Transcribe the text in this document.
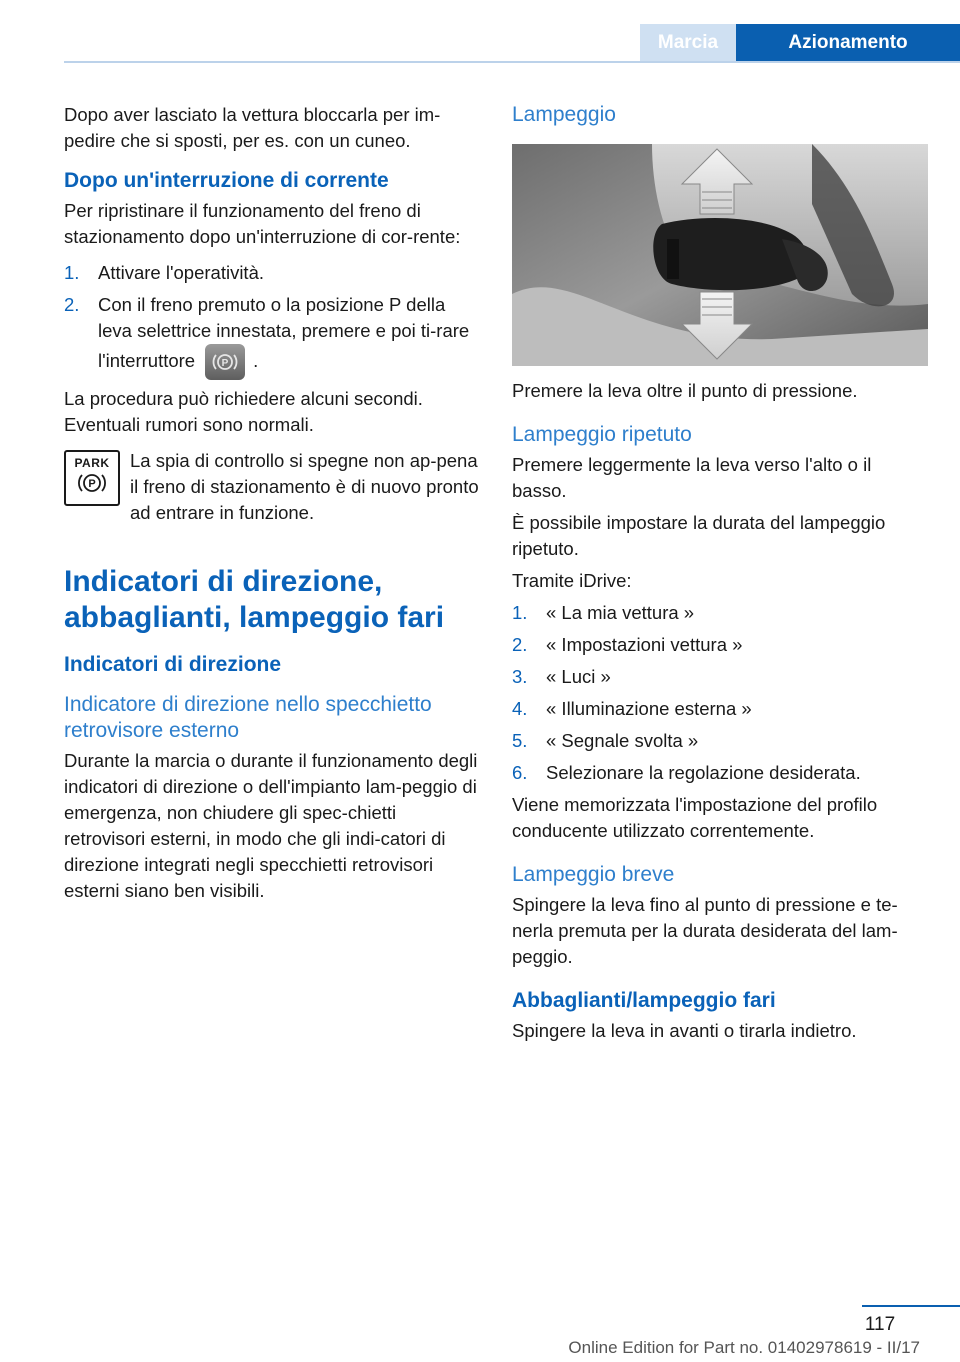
Marcia	Azionamento

Dopo aver lasciato la vettura bloccarla per im-pedire che si sposti, per es. con un cuneo.

Dopo un'interruzione di corrente

Per ripristinare il funzionamento del freno di stazionamento dopo un'interruzione di cor-rente:

1. Attivare l'operatività.
2. Con il freno premuto o la posizione P della leva selettrice innestata, premere e poi ti-rare l'interruttore	P .

La procedura può richiedere alcuni secondi. Eventuali rumori sono normali.

PARK
P
La spia di controllo si spegne non ap-pena il freno di stazionamento è di nuovo pronto ad entrare in funzione.
Indicatori di direzione, abbaglianti, lampeggio fari
Indicatori di direzione
Indicatore di direzione nello specchietto retrovisore esterno

Durante la marcia o durante il funzionamento degli indicatori di direzione o dell'impianto lam-peggio di emergenza, non chiudere gli spec-chietti retrovisori esterni, in modo che gli indi-catori di direzione integrati negli specchietti retrovisori esterni siano ben visibili.

Lampeggio

Premere la leva oltre il punto di pressione.

Lampeggio ripetuto

Premere leggermente la leva verso l'alto o il basso.

È possibile impostare la durata del lampeggio ripetuto.

Tramite iDrive:

1. « La mia vettura »
2. « Impostazioni vettura »
3. « Luci »
4. « Illuminazione esterna »
5. « Segnale svolta »
6. Selezionare la regolazione desiderata.

Viene memorizzata l'impostazione del profilo conducente utilizzato correntemente.

Lampeggio breve

Spingere la leva fino al punto di pressione e te-nerla premuta per la durata desiderata del lam-peggio.

Abbaglianti/lampeggio fari

Spingere la leva in avanti o tirarla indietro.

117
Online Edition for Part no. 01402978619 - II/17
